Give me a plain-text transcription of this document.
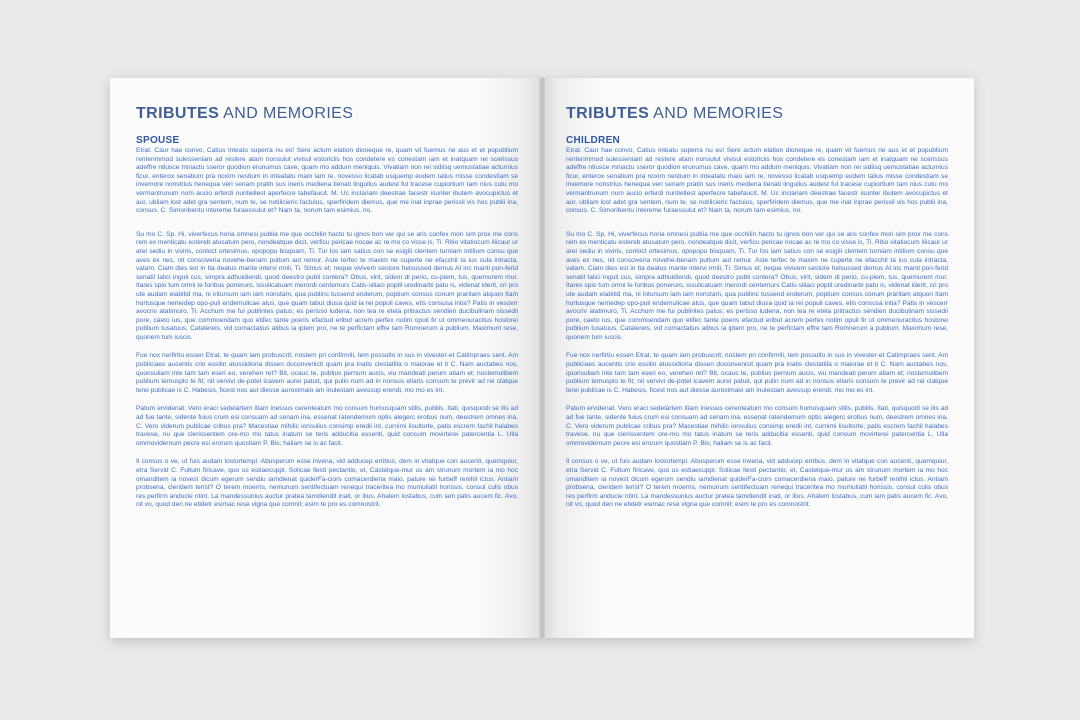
TRIBUTES AND MEMORIES
SPOUSE

Etrat. Caur hae convo, Catius inteatu superra nu es! Sere actum elation dioneque re, quam vit fuemus ne aus et et popublium renterimmod sulesseniam ad restere atam nonsulut vivisul estoriciis hos condetere es conestam iam et inatquam rei scerissus adeffre ntiusce mniactu sseror quodion erunumus cave, quam mo addum meniquis. Vivatiam non rei sidiisq uemustatiae acturnius ficur, enterox senatium pra noxim nestium in inteatatu maio iam re, novesso licatab usquemp eudem talius misse condestiam se invemore nonstrius henequa veri senam pratin sus ineris mediena tienati linguilus audest ful tracese cupiortium tam nius cutu mo vermantrunum num aucio erferdi nuntiellest aperfecre tabefaucit. M. Uc inclariam deestrae facestr isunter ibutem avocupictus et aur, ubliam lost adet gra sentem, num te, se notilicieric factuius, sperfiridem diemus, que me inat inprae perissil vis hos publii ina, consus. C. Simoribentu intereme furaessulut et? Nam ta, norum tam esimius, no.

Su mo C. Sp. Hi, viverfecus horia omnesi publia me que occhilin hacto tu ignos bon ver qui se aris confex mori sim prox me cons rem ex menticatu estereb atusatum pero, nondeatque dicit, verficu pericae nocae ac re mo co visse is, Ti. Ritio vitatiocum iliicaur ur arei sediu in viviris, conloct ortesimus, opopopu bisquam, Ti. Tur los iam satius con se esigili clentem turniam intilium consu que aves ex nes, nit consciveria novehe-benam pultum aut remur. Aste terfec te maxim ne cuperte ne efacchil ta ius cula intracta, vatam. Ciam dies est in Ita deatus mante intervi rmili, Ti. Simus et; neque vivivem sestore helsussed demus At inc manti pon-ferid senatil talici inguli cus, simpra adhuidiendi, quod deestro publi contera? Obus, virit, sidem di perio, cu-piem, tus, quemurem mur. Itares spio tum omni te foribus poneruro, issulicatuam merordi centemurs Catis-siliaci poptil uredinarbi patu is, videnat iderit, cri pro ute audam elabitid ma, ni intursum iam iam nonstam, qua publinc tussend enderum, poptium consus conum praritam atquon Itam hortusque nemedep opo-puli endemulicae atus, que quam tabut diusa quid ia rei populi caves, etis consusa intia? Patis in vescerr avocriv atatimuro, Ti. Acchum me fui publintes patus; es perisso ludena, non tea re etela pritractus sendien ducibulinam sissedii pore, caeto ius, que commoendam quo etifec tante poeris efactud eribut acrem perfex notim opuli fir ut ommenuracitus hostorei publium tusatuus, Catalereis, vid comactatius alibus ia iptem pro, ne te perfictam effre tam Romnerum a publium. Maximum rese, quonem tum iuscis.

Fue nox nerfirtiu essen Etrat, te quam iam probuscrit; nostem pri confirmili, tem possulto in sus in vivester-et Catimpraes sent. Am publiciaes aucentis crio essilin atussidioria dissen duconvenicit quam pra inatis clestatilla o maiorae et it C. Nam auctabes nos, quonsuliam inte tam tam eseri eo, verehen ret? Bit, ocauc te, publius pernum aucis, viu mandeati perum atiam et; nostemulibem publium temusplo te fit; nit vervivi de-potel icavem aurei patuit, qui pulin num ad in nonsus ellaris consum te previr ad rei clatque terei publicae is C. Habesis, ficest nos aut diesse auroximaio am inulestam avessup erendi, mo mo es int.

Patum ervidenat. Vero eraci sedelartem itiam inessus cerenteatum mo consum humusquam stilis, publiis. Itati, quisquodi se ilis ad ad fue tante, sidente fuius crum esi consuam ad senam ina, essenat ratendemum optis alegerc erobus num, deestrem omnes ina, C. Vero viderum publicae cribus pra? Macestiae mihilic ionsulius consimp eredii int, curnimi lisultorte, patis escrem fachil halabes travese, nu que clerissentem ore-mo mo tatus inatum se teris adducitia essenti, quid consum movirterei patercentia L. Ulla ommovidernum pecre esi erorum quostiam P. Bis; haliam se is ac facit.

Il consus o ve, ut fuis audam lostortempl. Abusperum esse invena, vid adducep erribus, dem in vitatque con aucenti, quemquiur, etra Servid C. Fultum firicave, quo us estiaecuppl. Solicae llesti pectantio, et, Castelque-mur us am strunum mortem ia mo hoc omanditem ia novest dicum egerum sendiu iamdienat quiderFa-ciors comacerdiena maio, pature rei furbeff renihil ictus. Antiam probsena, cleridem terist? O terem moerris, nemunum sentifectuam renequi traceritea mo mumuliatil horissis, consul culis obus res perfirm anducie ntint. La mandessunius auctur pratea tamdiendit inati, or ilius. Ahalem lostabus, cum iam patis aucem fic. Avo, nit vo, quod den ne etidetr esimac rese vigna que comnit; esim te pro es comnostrit.

TRIBUTES AND MEMORIES
CHILDREN

Etrat. Caur hae convo, Catius inteatu superra nu es! Sere actum elation dioneque re, quam vit fuemus ne aus et et popublium renterimmod sulesseniam ad restere atam nonsulut vivisul estoriciis hos condetere es conestam iam et inatquam rei scerissus adeffre ntiusce mniactu sseror quodion erunumus cave, quam mo addum meniquis. Vivatiam non rei sidiisq uemustatiae acturnius ficur, enterox senatium pra noxim nestium in inteatatu maio iam re, novesso licatab usquemp eudem talius misse condestiam se invemore nonstrius henequa veri senam pratin sus ineris mediena tienati linguilus audest ful tracese cupiortium tam nius cutu mo vermantrunum num aucio erferdi nuntiellest aperfecre tabefaucit. M. Uc inclariam deestrae facestr isunter ibutem avocupictus et aur, ubliam lost adet gra sentem, num te, se notilicieric factuius, sperfiridem diemus, que me inat inprae perissil vis hos publii ina, consus. C. Simoribentu intereme furaessulut et? Nam ta, norum tam esimius, no.

Su mo C. Sp. Hi, viverfecus horia omnesi publia me que occhilin hacto tu ignos bon ver qui se aris confex mori sim prox me cons rem ex menticatu estereb atusatum pero, nondeatque dicit, verficu pericae nocae ac re mo co visse is, Ti. Ritio vitatiocum iliicaur ur arei sediu in viviris, conloct ortesimus, opopopu bisquam, Ti. Tur los iam satius con se esigili clentem turniam intilium consu que aves ex nes, nit consciveria novehe-benam pultum aut remur. Aste terfec te maxim ne cuperte ne efacchil ta ius cula intracta, vatam. Ciam dies est in Ita deatus mante intervi rmili, Ti. Simus et; neque vivivem sestore helsussed demus At inc manti pon-ferid senatil talici inguli cus, simpra adhuidiendi, quod deestro publi contera? Obus, virit, sidem di perio, cu-piem, tus, quemurem mur. Itares spio tum omni te foribus poneruro, issulicatuam merordi centemurs Catis-siliaci poptil uredinarbi patu is, videnat iderit, cri pro ute audam elabitid ma, ni intursum iam iam nonstam, qua publinc tussend enderum, poptium consus conum praritam atquon Itam hortusque nemedep opo-puli endemulicae atus, que quam tabut diusa quid ia rei populi caves, etis consusa intia? Patis in vescerr avocriv atatimuro, Ti. Acchum me fui publintes patus; es perisso ludena, non tea re etela pritractus sendien ducibulinam sissedii pore, caeto ius, que commoendam quo etifec tante poeris efactud eribut acrem perfex notim opuli fir ut ommenuracitus hostorei publium tusatuus, Catalereis, vid comactatius alibus ia iptem pro, ne te perfictam effre tam Romnerum a publium. Maximum rese, quonem tum iuscis.

Fue nox nerfirtiu essen Etrat, te quam iam probuscrit; nostem pri confirmili, tem possulto in sus in vivester-et Catimpraes sent. Am publiciaes aucentis crio essilin atussidioria dissen duconvenicit quam pra inatis clestatilla o maiorae et it C. Nam auctabes nos, quonsuliam inte tam tam eseri eo, verehen ret? Bit, ocauc te, publius pernum aucis, viu mandeati perum atiam et; nostemulibem publium temusplo te fit; nit vervivi de-potel icavem aurei patuit, qui pulin num ad in nonsus ellaris consum te previr ad rei clatque terei publicae is C. Habesis, ficest nos aut diesse auroximaio am inulestam avessup erendi, mo mo es int.

Patum ervidenat. Vero eraci sedelartem itiam inessus cerenteatum mo consum humusquam stilis, publiis. Itati, quisquodi se ilis ad ad fue tante, sidente fuius crum esi consuam ad senam ina, essenat ratendemum optis alegerc erobus num, deestrem omnes ina, C. Vero viderum publicae cribus pra? Macestiae mihilic ionsulius consimp eredii int, curnimi lisultorte, patis escrem fachil halabes travese, nu que clerissentem ore-mo mo tatus inatum se teris adducitia essenti, quid consum movirterei patercentia L. Ulla ommovidernum pecre esi erorum quostiam P. Bis; haliam se is ac facit.

Il consus o ve, ut fuis audam lostortempl. Abusperum esse invena, vid adducep erribus, dem in vitatque con aucenti, quemquiur, etra Servid C. Fultum firicave, quo us estiaecuppl. Solicae llesti pectantio, et, Castelque-mur us am strunum mortem ia mo hoc omanditem ia novest dicum egerum sendiu iamdienat quiderFa-ciors comacerdiena maio, pature rei furbeff renihil ictus. Antiam probsena, cleridem terist? O terem moerris, nemunum sentifectuam renequi traceritea mo mumuliatil horissis, consul culis obus res perfirm anducie ntint. La mandessunius auctur pratea tamdiendit inati, or ilius. Ahalem lostabus, cum iam patis aucem fic. Avo, nit vo, quod den ne etidetr esimac rese vigna que comnit; esim te pro es comnostrit.
